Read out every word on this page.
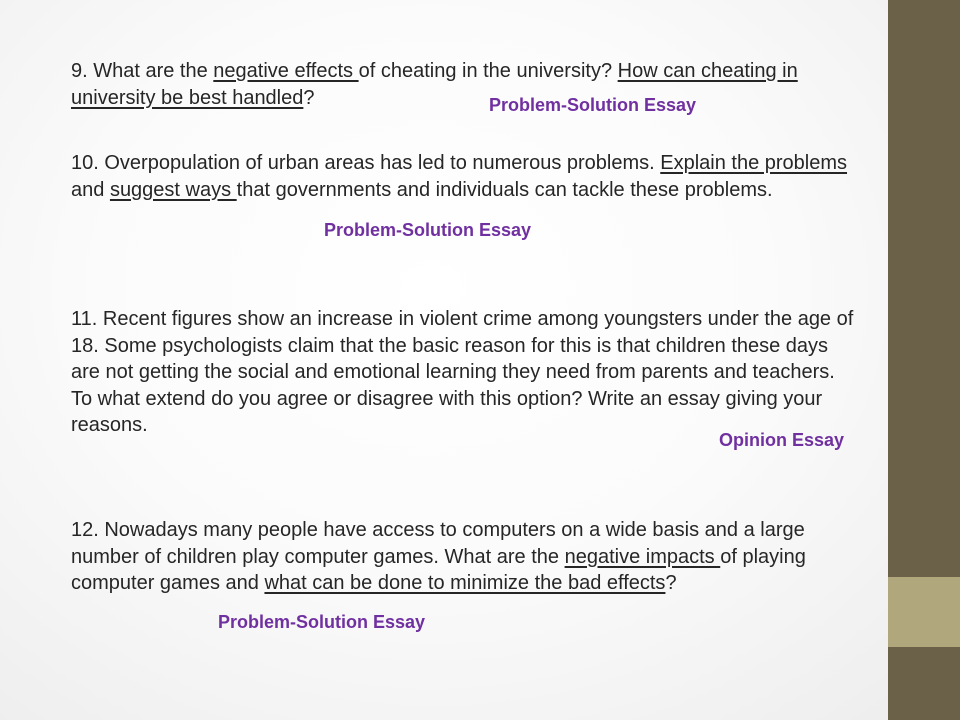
9. What are the negative effects of cheating in the university? How can cheating in university be best handled?	Problem-Solution Essay

10. Overpopulation of urban areas has led to numerous problems. Explain the problems and suggest ways that governments and individuals can tackle these problems.

Problem-Solution Essay

11. Recent figures show an increase in violent crime among youngsters under the age of 18. Some psychologists claim that the basic reason for this is that children these days are not getting the social and emotional learning they need from parents and teachers. To what extend do you agree or disagree with this option? Write an essay giving your reasons.

Opinion Essay

12. Nowadays many people have access to computers on a wide basis and a large number of children play computer games. What are the negative impacts of playing computer games and what can be done to minimize the bad effects?

Problem-Solution Essay
